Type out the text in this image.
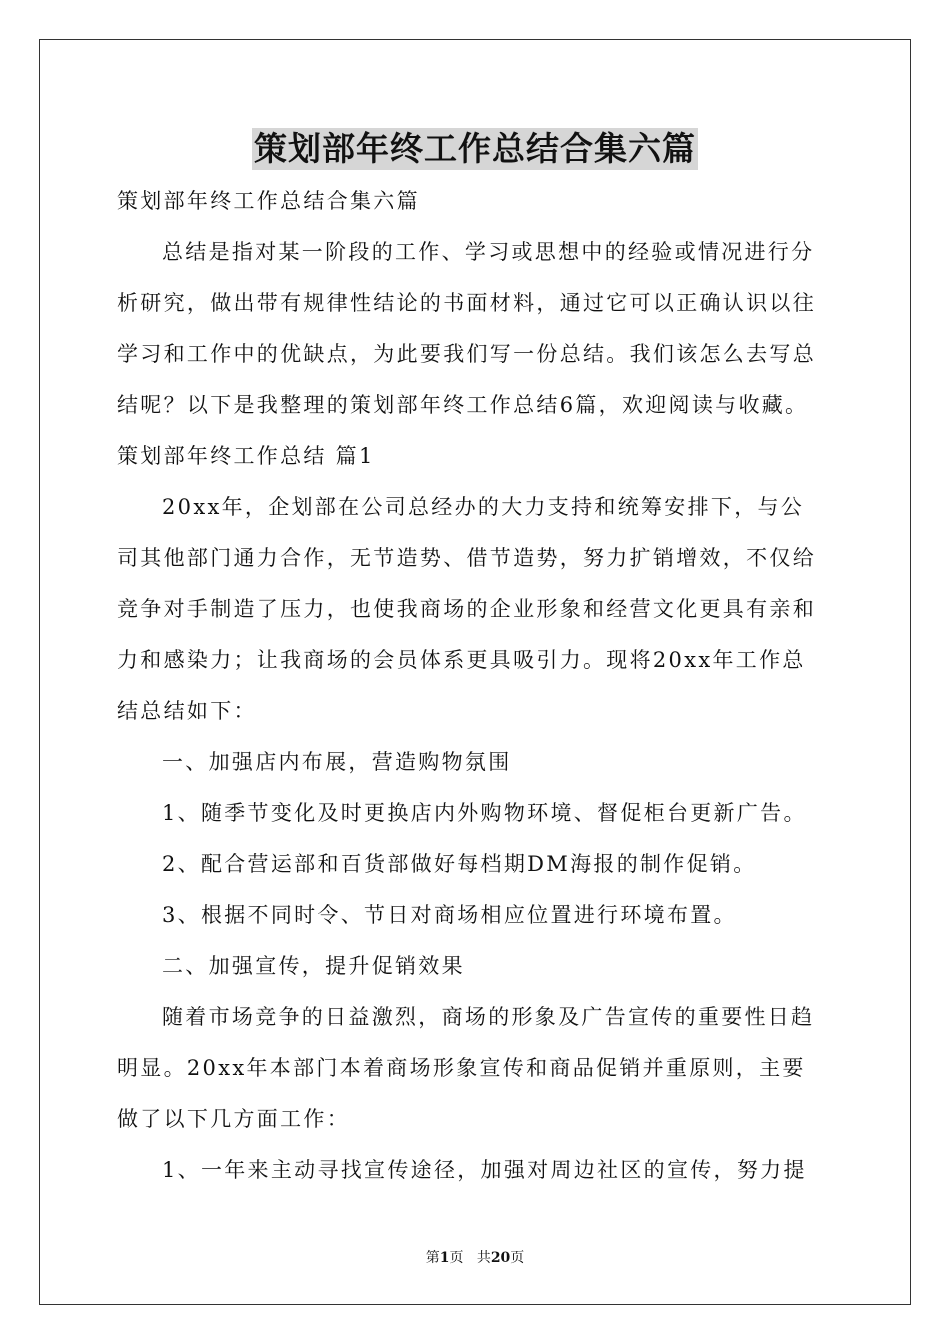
策划部年终工作总结合集六篇
策划部年终工作总结合集六篇
总结是指对某一阶段的工作、学习或思想中的经验或情况进行分
析研究，做出带有规律性结论的书面材料，通过它可以正确认识以往
学习和工作中的优缺点，为此要我们写一份总结。我们该怎么去写总
结呢？以下是我整理的策划部年终工作总结6篇，欢迎阅读与收藏。
策划部年终工作总结 篇1
20xx年，企划部在公司总经办的大力支持和统筹安排下，与公
司其他部门通力合作，无节造势、借节造势，努力扩销增效，不仅给
竞争对手制造了压力，也使我商场的企业形象和经营文化更具有亲和
力和感染力；让我商场的会员体系更具吸引力。现将20xx年工作总
结总结如下：
一、加强店内布展，营造购物氛围
1、随季节变化及时更换店内外购物环境、督促柜台更新广告。
2、配合营运部和百货部做好每档期DM海报的制作促销。
3、根据不同时令、节日对商场相应位置进行环境布置。
二、加强宣传，提升促销效果
随着市场竞争的日益激烈，商场的形象及广告宣传的重要性日趋
明显。20xx年本部门本着商场形象宣传和商品促销并重原则，主要
做了以下几方面工作：
1、一年来主动寻找宣传途径，加强对周边社区的宣传，努力提
第1页 共20页
